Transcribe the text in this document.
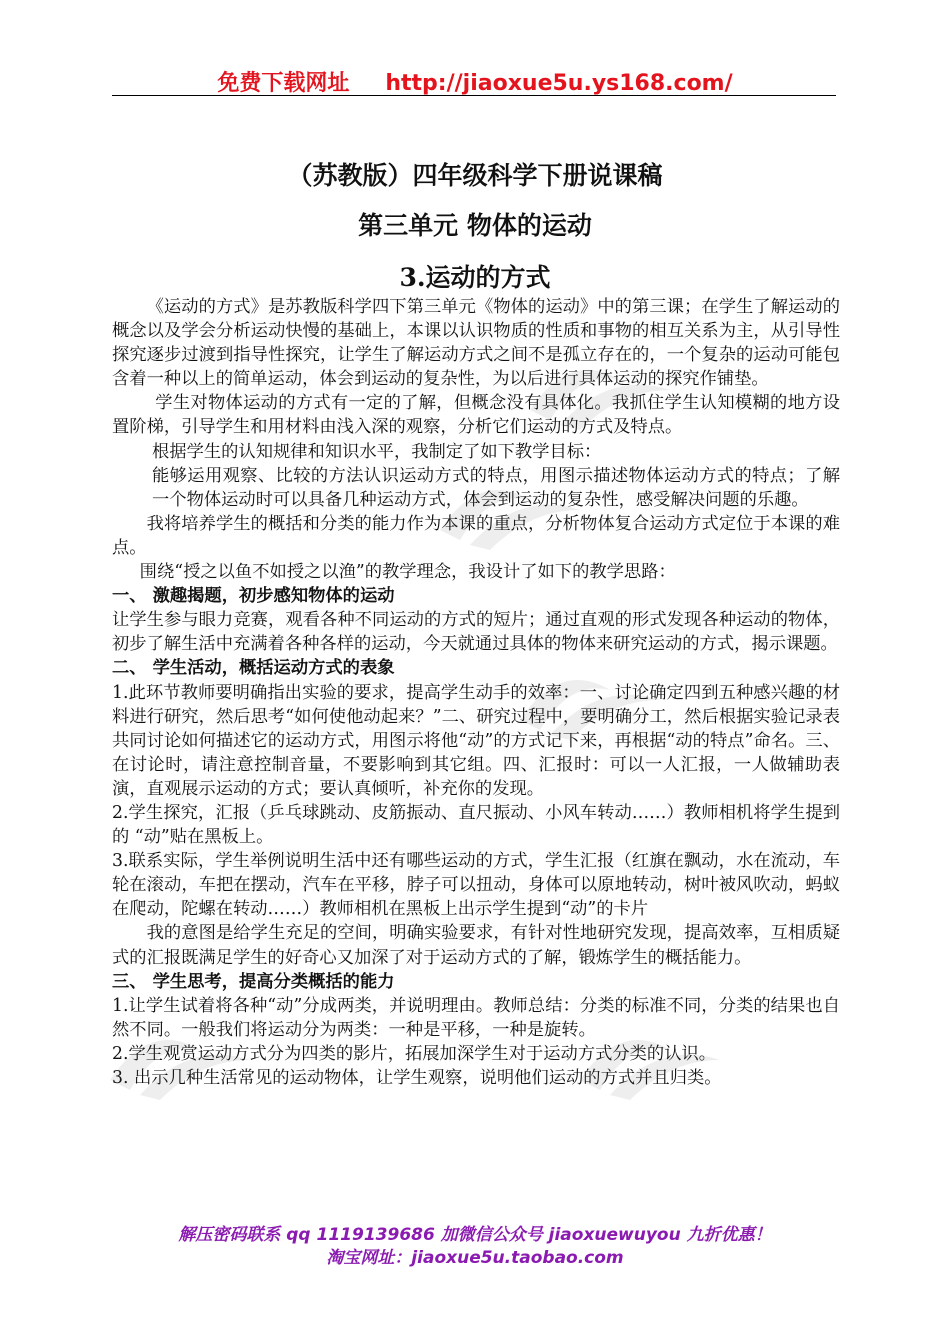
免费下载网址 http://jiaoxue5u.ys168.com/
（苏教版）四年级科学下册说课稿
第三单元 物体的运动
3.运动的方式

《运动的方式》是苏教版科学四下第三单元《物体的运动》中的第三课；在学生了解运动的概念以及学会分析运动快慢的基础上，本课以认识物质的性质和事物的相互关系为主，从引导性探究逐步过渡到指导性探究，让学生了解运动方式之间不是孤立存在的，一个复杂的运动可能包含着一种以上的简单运动，体会到运动的复杂性，为以后进行具体运动的探究作铺垫。

学生对物体运动的方式有一定的了解，但概念没有具体化。我抓住学生认知模糊的地方设置阶梯，引导学生和用材料由浅入深的观察，分析它们运动的方式及特点。

根据学生的认知规律和知识水平，我制定了如下教学目标：

能够运用观察、比较的方法认识运动方式的特点，用图示描述物体运动方式的特点；了解一个物体运动时可以具备几种运动方式，体会到运动的复杂性，感受解决问题的乐趣。

我将培养学生的概括和分类的能力作为本课的重点，分析物体复合运动方式定位于本课的难点。

围绕“授之以鱼不如授之以渔”的教学理念，我设计了如下的教学思路：

一、 激趣揭题，初步感知物体的运动

让学生参与眼力竞赛，观看各种不同运动的方式的短片；通过直观的形式发现各种运动的物体，初步了解生活中充满着各种各样的运动，今天就通过具体的物体来研究运动的方式，揭示课题。

二、 学生活动，概括运动方式的表象

1.此环节教师要明确指出实验的要求，提高学生动手的效率：一、讨论确定四到五种感兴趣的材料进行研究，然后思考“如何使他动起来？”二、研究过程中，要明确分工，然后根据实验记录表共同讨论如何描述它的运动方式，用图示将他“动”的方式记下来，再根据“动的特点”命名。三、在讨论时，请注意控制音量，不要影响到其它组。四、汇报时：可以一人汇报，一人做辅助表演，直观展示运动的方式；要认真倾听，补充你的发现。

2.学生探究，汇报（乒乓球跳动、皮筋振动、直尺振动、小风车转动……）教师相机将学生提到的 “动”贴在黑板上。

3.联系实际，学生举例说明生活中还有哪些运动的方式，学生汇报（红旗在飘动，水在流动，车轮在滚动，车把在摆动，汽车在平移，脖子可以扭动，身体可以原地转动，树叶被风吹动，蚂蚁在爬动，陀螺在转动……）教师相机在黑板上出示学生提到“动”的卡片

我的意图是给学生充足的空间，明确实验要求，有针对性地研究发现，提高效率，互相质疑式的汇报既满足学生的好奇心又加深了对于运动方式的了解，锻炼学生的概括能力。

三、 学生思考，提高分类概括的能力

1.让学生试着将各种“动”分成两类，并说明理由。教师总结：分类的标准不同，分类的结果也自然不同。一般我们将运动分为两类：一种是平移，一种是旋转。

2.学生观赏运动方式分为四类的影片，拓展加深学生对于运动方式分类的认识。

3. 出示几种生活常见的运动物体，让学生观察，说明他们运动的方式并且归类。

解压密码联系 qq 1119139686 加微信公众号 jiaoxuewuyou 九折优惠！
淘宝网址：jiaoxue5u.taobao.com
